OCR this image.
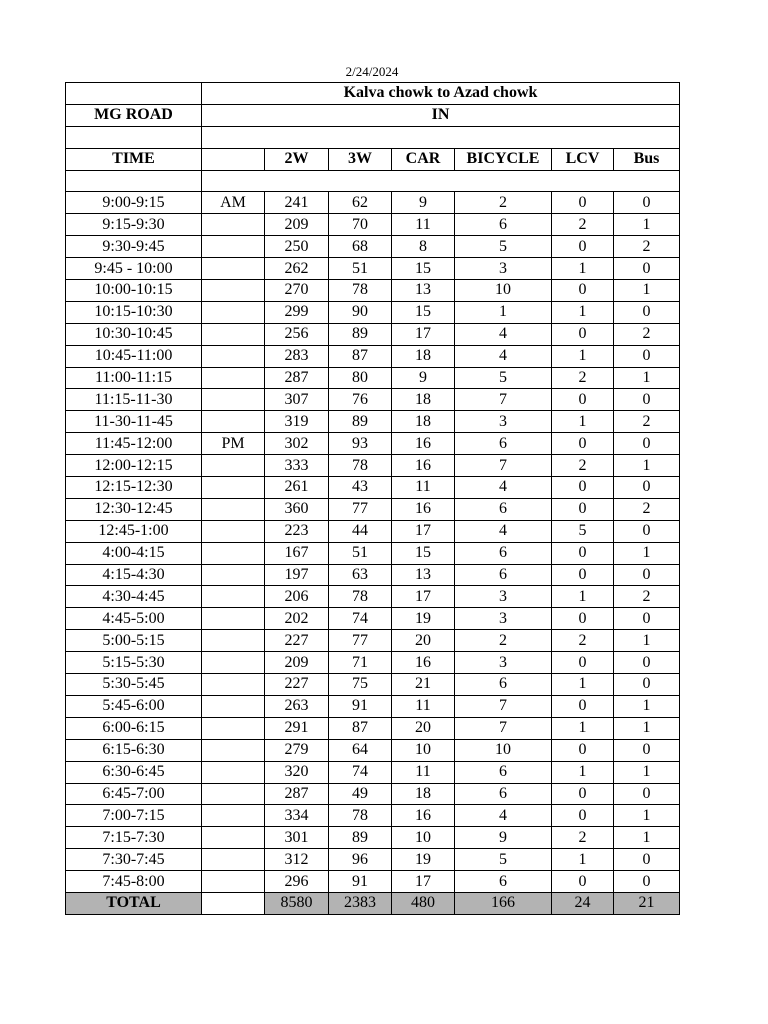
2/24/2024
	Kalva chowk to Azad chowk						
MG ROAD	IN						

TIME		2W	3W	CAR	BICYCLE	LCV	Bus

9:00-9:15	AM	241	62	9	2	0	0
9:15-9:30		209	70	11	6	2	1
9:30-9:45		250	68	8	5	0	2
9:45 - 10:00		262	51	15	3	1	0
10:00-10:15		270	78	13	10	0	1
10:15-10:30		299	90	15	1	1	0
10:30-10:45		256	89	17	4	0	2
10:45-11:00		283	87	18	4	1	0
11:00-11:15		287	80	9	5	2	1
11:15-11-30		307	76	18	7	0	0
11-30-11-45		319	89	18	3	1	2
11:45-12:00	PM	302	93	16	6	0	0
12:00-12:15		333	78	16	7	2	1
12:15-12:30		261	43	11	4	0	0
12:30-12:45		360	77	16	6	0	2
12:45-1:00		223	44	17	4	5	0
4:00-4:15		167	51	15	6	0	1
4:15-4:30		197	63	13	6	0	0
4:30-4:45		206	78	17	3	1	2
4:45-5:00		202	74	19	3	0	0
5:00-5:15		227	77	20	2	2	1
5:15-5:30		209	71	16	3	0	0
5:30-5:45		227	75	21	6	1	0
5:45-6:00		263	91	11	7	0	1
6:00-6:15		291	87	20	7	1	1
6:15-6:30		279	64	10	10	0	0
6:30-6:45		320	74	11	6	1	1
6:45-7:00		287	49	18	6	0	0
7:00-7:15		334	78	16	4	0	1
7:15-7:30		301	89	10	9	2	1
7:30-7:45		312	96	19	5	1	0
7:45-8:00		296	91	17	6	0	0
TOTAL		8580	2383	480	166	24	21
